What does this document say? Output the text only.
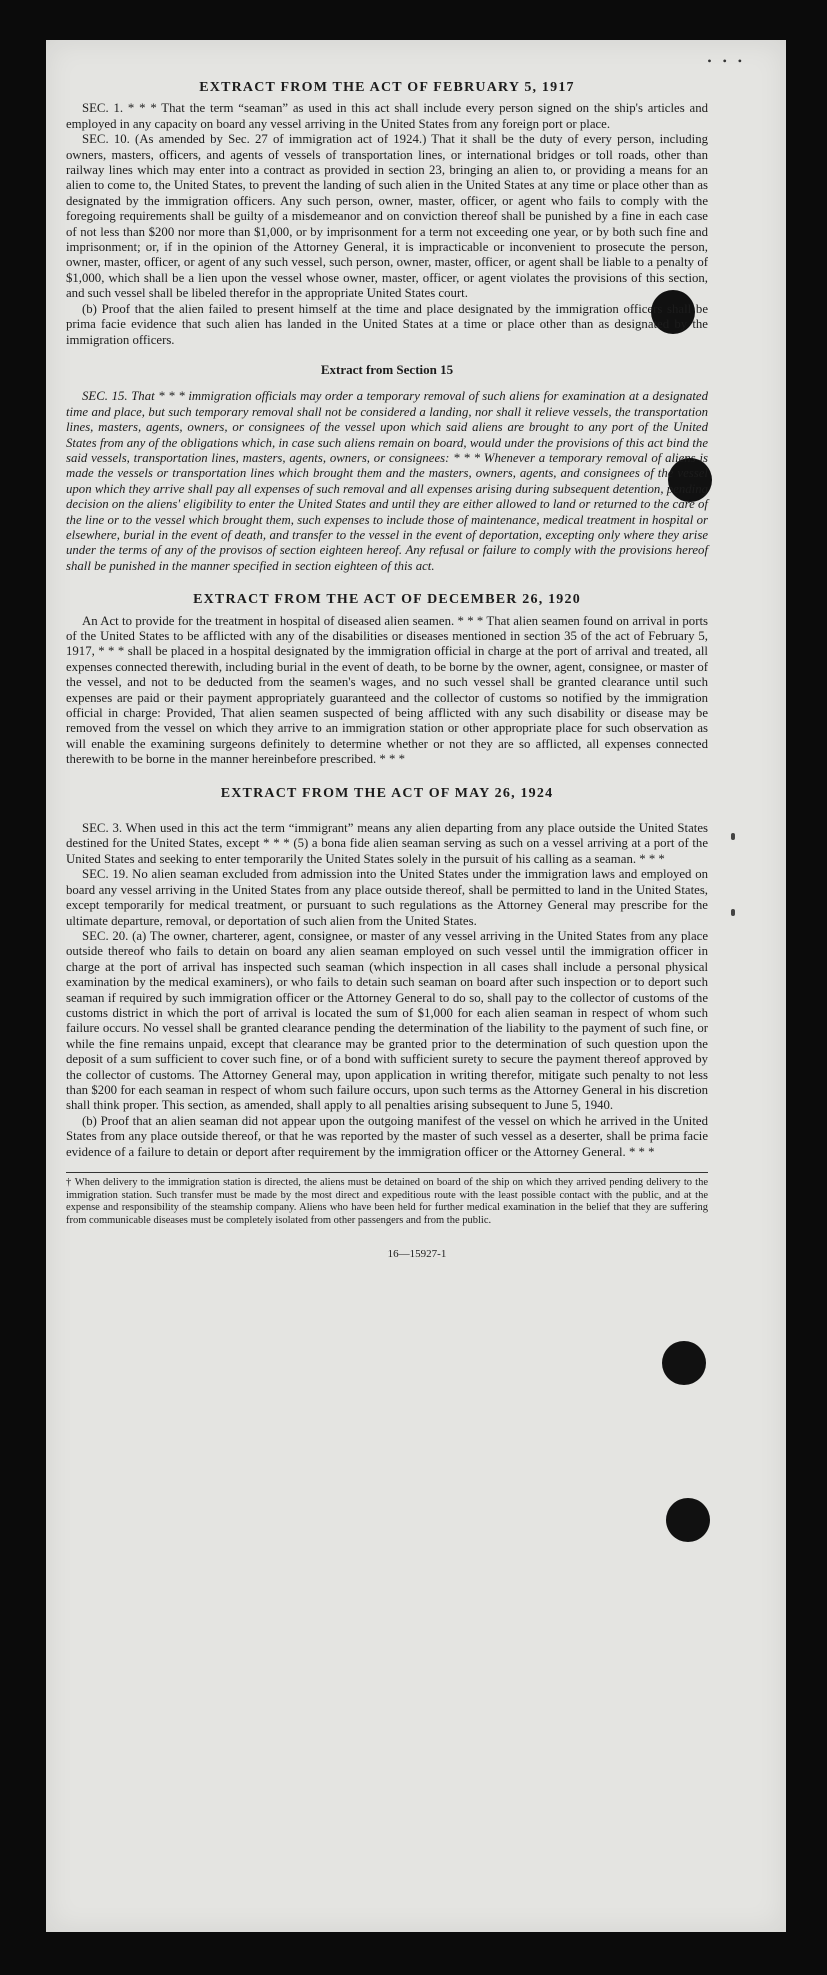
• • •
EXTRACT FROM THE ACT OF FEBRUARY 5, 1917

SEC. 1. * * * That the term “seaman” as used in this act shall include every person signed on the ship's articles and employed in any capacity on board any vessel arriving in the United States from any foreign port or place.

SEC. 10. (As amended by Sec. 27 of immigration act of 1924.) That it shall be the duty of every person, including owners, masters, officers, and agents of vessels of transportation lines, or international bridges or toll roads, other than railway lines which may enter into a contract as provided in section 23, bringing an alien to, or providing a means for an alien to come to, the United States, to prevent the landing of such alien in the United States at any time or place other than as designated by the immigration officers. Any such person, owner, master, officer, or agent who fails to comply with the foregoing requirements shall be guilty of a misdemeanor and on conviction thereof shall be punished by a fine in each case of not less than $200 nor more than $1,000, or by imprisonment for a term not exceeding one year, or by both such fine and imprisonment; or, if in the opinion of the Attorney General, it is impracticable or inconvenient to prosecute the person, owner, master, officer, or agent of any such vessel, such person, owner, master, officer, or agent shall be liable to a penalty of $1,000, which shall be a lien upon the vessel whose owner, master, officer, or agent violates the provisions of this section, and such vessel shall be libeled therefor in the appropriate United States court.

(b) Proof that the alien failed to present himself at the time and place designated by the immigration officers shall be prima facie evidence that such alien has landed in the United States at a time or place other than as designated by the immigration officers.

Extract from Section 15

SEC. 15. That * * * immigration officials may order a temporary removal of such aliens for examination at a designated time and place, but such temporary removal shall not be considered a landing, nor shall it relieve vessels, the transportation lines, masters, agents, owners, or consignees of the vessel upon which said aliens are brought to any port of the United States from any of the obligations which, in case such aliens remain on board, would under the provisions of this act bind the said vessels, transportation lines, masters, agents, owners, or consignees: * * * Whenever a temporary removal of aliens is made the vessels or transportation lines which brought them and the masters, owners, agents, and consignees of the vessel upon which they arrive shall pay all expenses of such removal and all expenses arising during subsequent detention, pending decision on the aliens' eligibility to enter the United States and until they are either allowed to land or returned to the care of the line or to the vessel which brought them, such expenses to include those of maintenance, medical treatment in hospital or elsewhere, burial in the event of death, and transfer to the vessel in the event of deportation, excepting only where they arise under the terms of any of the provisos of section eighteen hereof. Any refusal or failure to comply with the provisions hereof shall be punished in the manner specified in section eighteen of this act.

EXTRACT FROM THE ACT OF DECEMBER 26, 1920

An Act to provide for the treatment in hospital of diseased alien seamen. * * * That alien seamen found on arrival in ports of the United States to be afflicted with any of the disabilities or diseases mentioned in section 35 of the act of February 5, 1917, * * * shall be placed in a hospital designated by the immigration official in charge at the port of arrival and treated, all expenses connected therewith, including burial in the event of death, to be borne by the owner, agent, consignee, or master of the vessel, and not to be deducted from the seamen's wages, and no such vessel shall be granted clearance until such expenses are paid or their payment appropriately guaranteed and the collector of customs so notified by the immigration official in charge: Provided, That alien seamen suspected of being afflicted with any such disability or disease may be removed from the vessel on which they arrive to an immigration station or other appropriate place for such observation as will enable the examining surgeons definitely to determine whether or not they are so afflicted, all expenses connected therewith to be borne in the manner hereinbefore prescribed. * * *

EXTRACT FROM THE ACT OF MAY 26, 1924

SEC. 3. When used in this act the term “immigrant” means any alien departing from any place outside the United States destined for the United States, except * * * (5) a bona fide alien seaman serving as such on a vessel arriving at a port of the United States and seeking to enter temporarily the United States solely in the pursuit of his calling as a seaman. * * *

SEC. 19. No alien seaman excluded from admission into the United States under the immigration laws and employed on board any vessel arriving in the United States from any place outside thereof, shall be permitted to land in the United States, except temporarily for medical treatment, or pursuant to such regulations as the Attorney General may prescribe for the ultimate departure, removal, or deportation of such alien from the United States.

SEC. 20. (a) The owner, charterer, agent, consignee, or master of any vessel arriving in the United States from any place outside thereof who fails to detain on board any alien seaman employed on such vessel until the immigration officer in charge at the port of arrival has inspected such seaman (which inspection in all cases shall include a personal physical examination by the medical examiners), or who fails to detain such seaman on board after such inspection or to deport such seaman if required by such immigration officer or the Attorney General to do so, shall pay to the collector of customs of the customs district in which the port of arrival is located the sum of $1,000 for each alien seaman in respect of whom such failure occurs. No vessel shall be granted clearance pending the determination of the liability to the payment of such fine, or while the fine remains unpaid, except that clearance may be granted prior to the determination of such question upon the deposit of a sum sufficient to cover such fine, or of a bond with sufficient surety to secure the payment thereof approved by the collector of customs. The Attorney General may, upon application in writing therefor, mitigate such penalty to not less than $200 for each seaman in respect of whom such failure occurs, upon such terms as the Attorney General in his discretion shall think proper. This section, as amended, shall apply to all penalties arising subsequent to June 5, 1940.

(b) Proof that an alien seaman did not appear upon the outgoing manifest of the vessel on which he arrived in the United States from any place outside thereof, or that he was reported by the master of such vessel as a deserter, shall be prima facie evidence of a failure to detain or deport after requirement by the immigration officer or the Attorney General. * * *

† When delivery to the immigration station is directed, the aliens must be detained on board of the ship on which they arrived pending delivery to the immigration station. Such transfer must be made by the most direct and expeditious route with the least possible contact with the public, and at the expense and responsibility of the steamship company. Aliens who have been held for further medical examination in the belief that they are suffering from communicable diseases must be completely isolated from other passengers and from the public.
16—15927-1
